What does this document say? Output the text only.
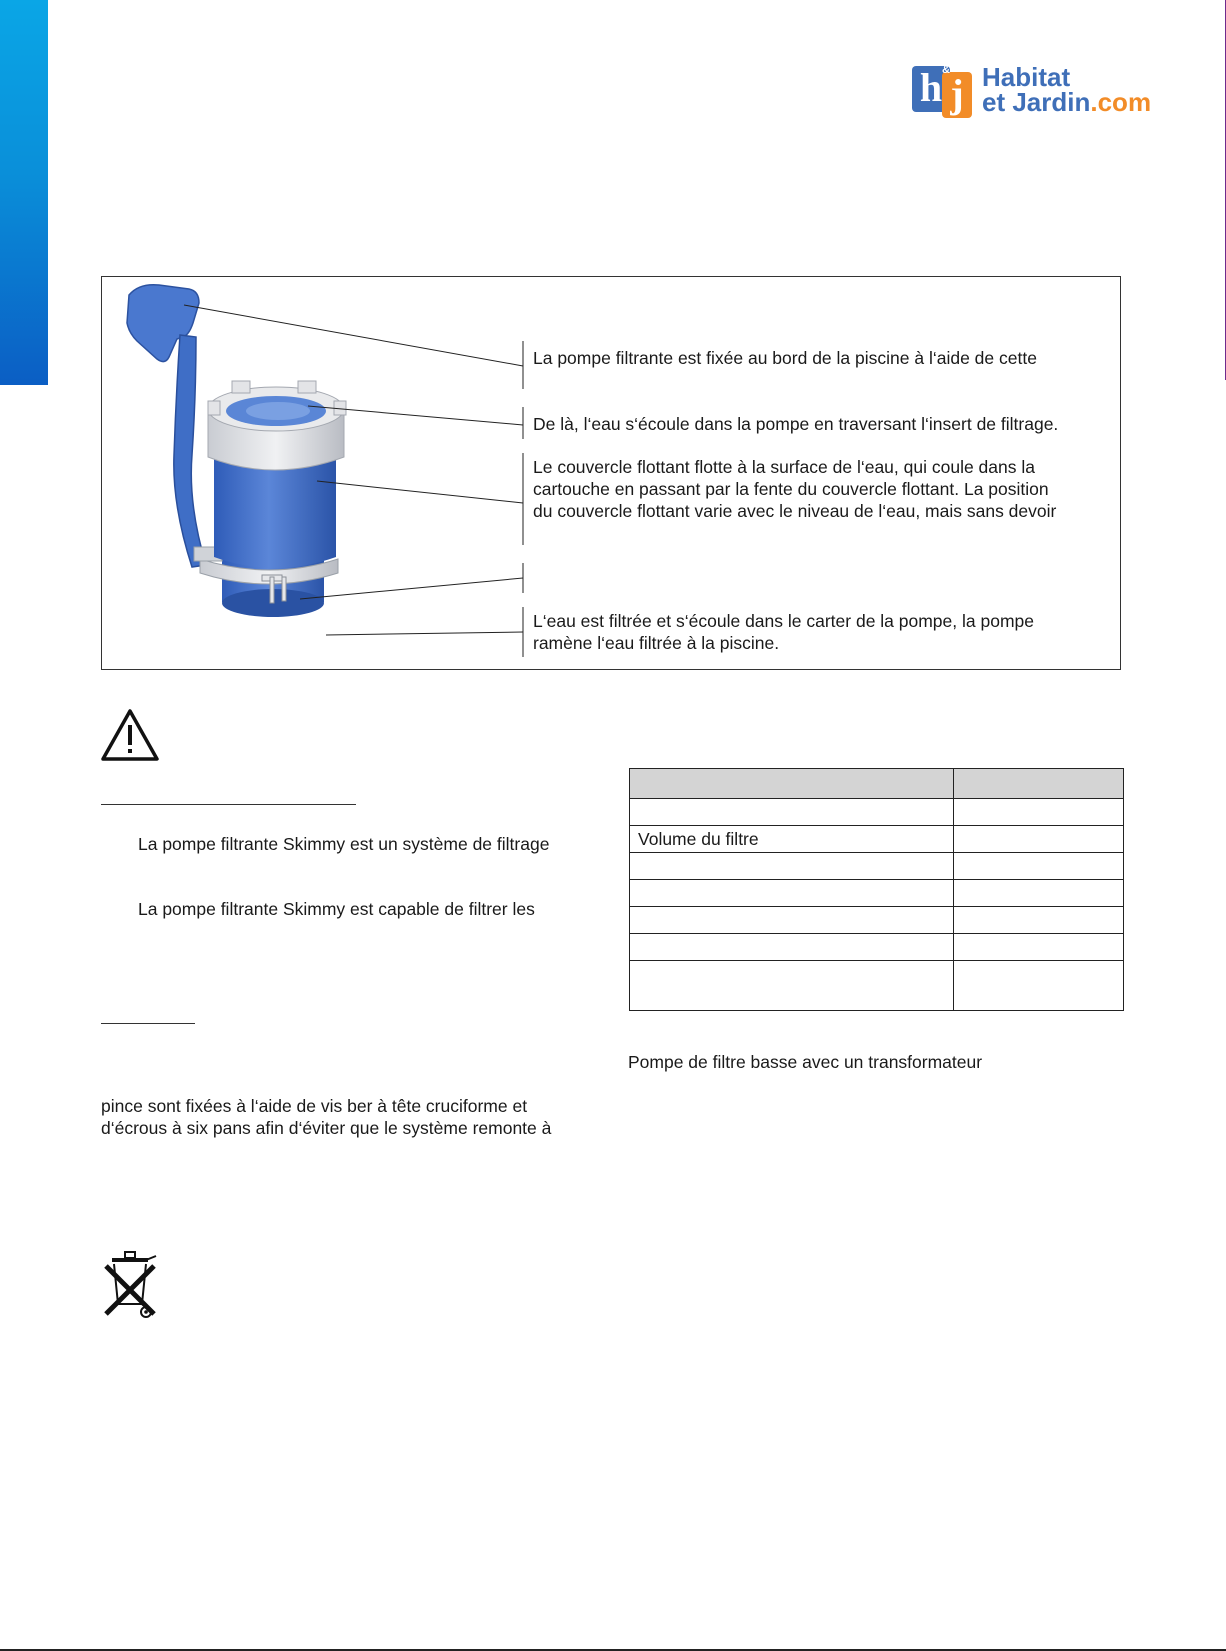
h j
& Habitat
et Jardin.com
La pompe filtrante est fixée au bord de la piscine à l‘aide de cette
De là, l‘eau s‘écoule dans la pompe en traversant l‘insert de filtrage.
Le couvercle flottant flotte à la surface de l‘eau, qui coule dans la
cartouche en passant par la fente du couvercle flottant. La position
du couvercle flottant varie avec le niveau de l‘eau, mais sans devoir
L‘eau est filtrée et s‘écoule dans le carter de la pompe, la pompe
ramène l‘eau filtrée à la piscine.
La pompe filtrante Skimmy est un système de filtrage
La pompe filtrante Skimmy est capable de filtrer les
pince sont fixées à l‘aide de vis ber à tête cruciforme et
d‘écrous à six pans afin d‘éviter que le système remonte à

Volume du filtre	

Pompe de filtre basse avec un transformateur
